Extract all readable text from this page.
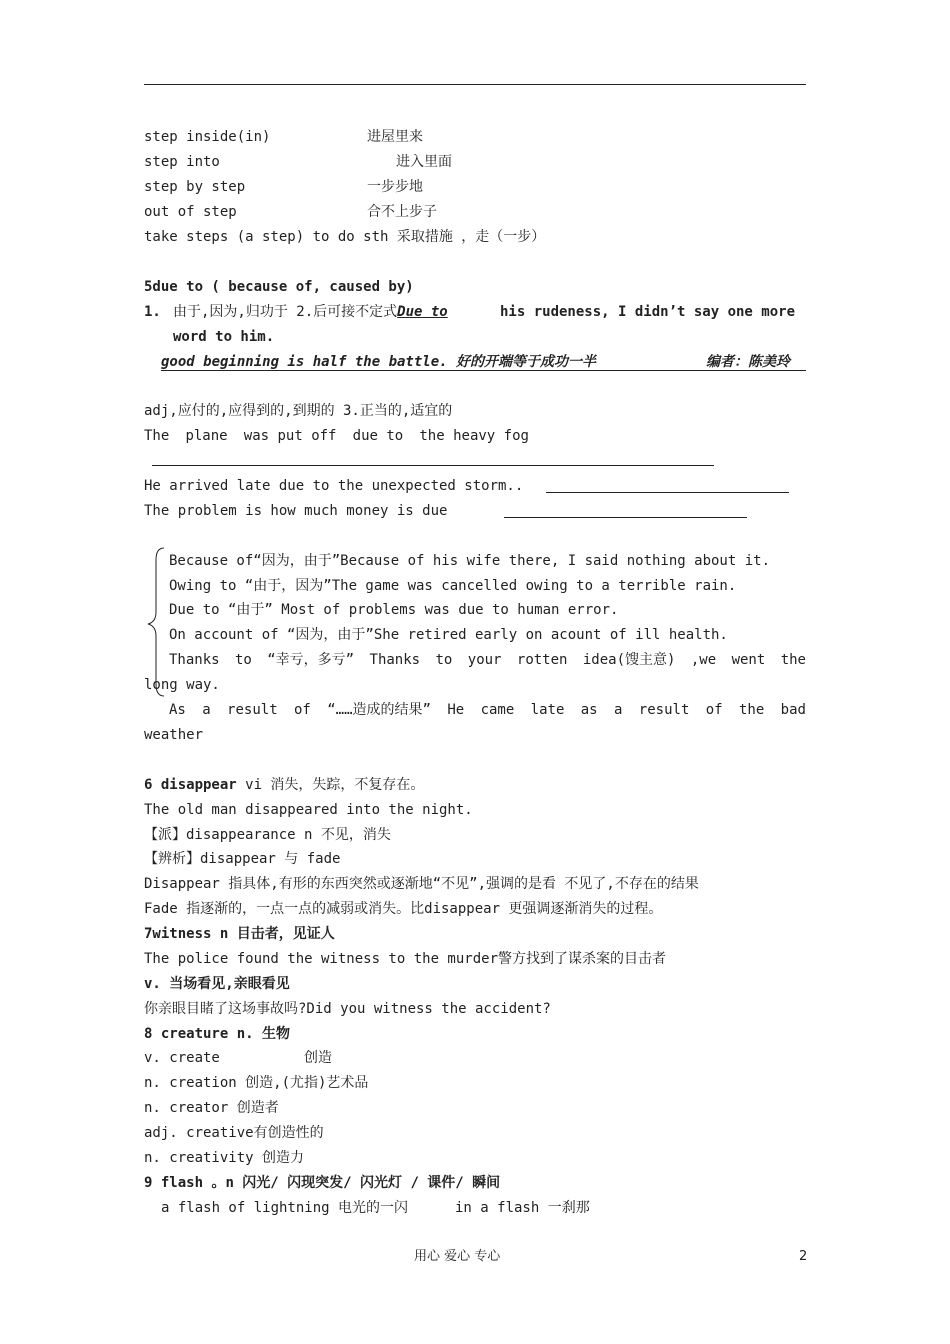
step inside(in)	进屋里来
step into	进入里面
step by step	一步步地
out of step	合不上步子
take steps (a step) to do sth 采取措施 ，走（一步）
5due to ( because of, caused by)
1. 由于,因为,归功于 2.后可接不定式Due to	his rudeness, I didn’t say one more
word to him.
good beginning is half the battle. 好的开端等于成功一半	编者：陈美玲
adj,应付的,应得到的,到期的 3.正当的,适宜的
The plane was put off due to the heavy fog
He arrived late due to the unexpected storm..
The problem is how much money is due
Because of“因为，由于”Because of his wife there, I said nothing about it.
Owing to “由于，因为”The game was cancelled owing to a terrible rain.
Due to “由于” Most of problems was due to human error.
On account of “因为，由于”She retired early on acount of ill health.
Thanks to “幸亏，多亏” Thanks to your rotten idea(馊主意) ,we went the
long way.
As a result of “……造成的结果” He came late as a result of the bad
weather
6 disappear vi 消失，失踪，不复存在。
The old man disappeared into the night.
【派】disappearance n 不见，消失
【辨析】disappear 与 fade
Disappear 指具体,有形的东西突然或逐渐地“不见”,强调的是看 不见了,不存在的结果
Fade 指逐渐的，一点一点的减弱或消失。比disappear 更强调逐渐消失的过程。
7witness n 目击者，见证人
The police found the witness to the murder警方找到了谋杀案的目击者
v. 当场看见,亲眼看见
你亲眼目睹了这场事故吗?Did you witness the accident?
8 creature n. 生物
v. create	创造
n. creation 创造,(尤指)艺术品
n. creator 创造者
adj. creative有创造性的
n. creativity 创造力
9 flash 。n 闪光/ 闪现突发/ 闪光灯 / 课件/ 瞬间
a flash of lightning 电光的一闪	in a flash 一刹那
用心 爱心 专心	2
